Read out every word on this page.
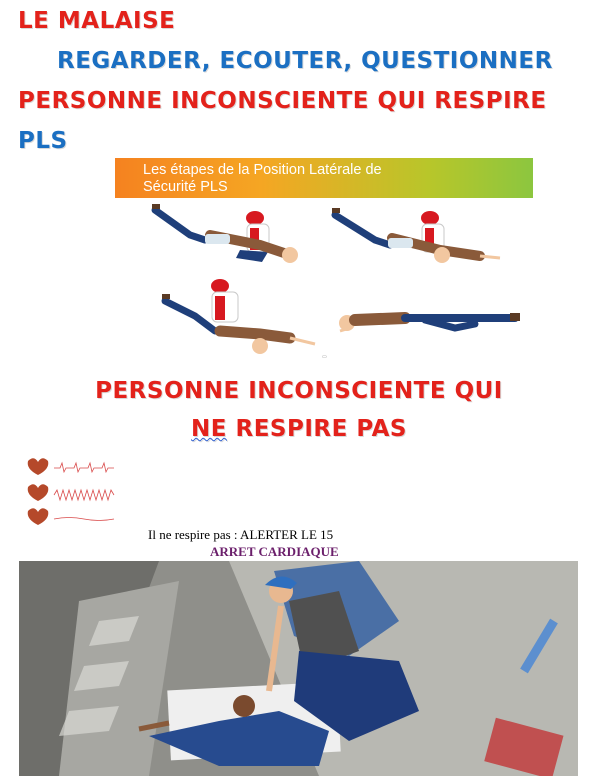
LE MALAISE
REGARDER, ECOUTER, QUESTIONNER
PERSONNE INCONSCIENTE QUI RESPIRE
PLS
Les étapes de la Position Latérale de
Sécurité PLS
▭
PERSONNE INCONSCIENTE QUI
NE RESPIRE PAS
Il ne respire pas : ALERTER LE 15
ARRET CARDIAQUE
